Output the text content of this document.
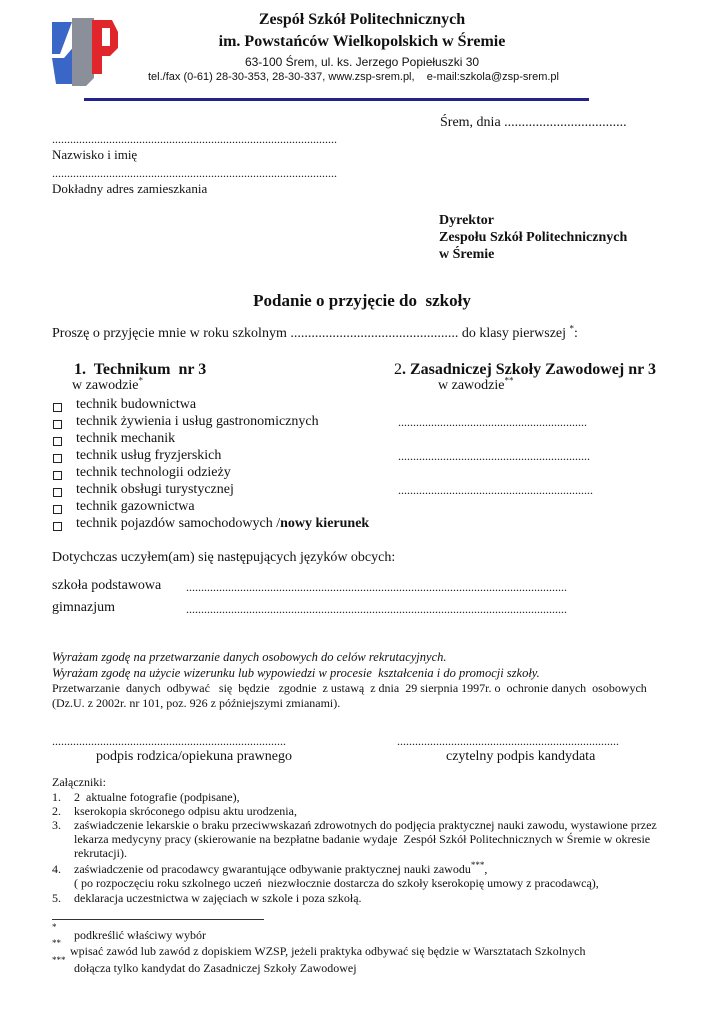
Zespół Szkół Politechnicznych
im. Powstańców Wielkopolskich w Śremie
63-100 Śrem, ul. ks. Jerzego Popiełuszki 30
tel./fax (0-61) 28-30-353, 28-30-337, www.zsp-srem.pl,    e-mail:szkola@zsp-srem.pl
Śrem, dnia ...................................
...............................................................................................
Nazwisko i imię
...............................................................................................
Dokładny adres zamieszkania
Dyrektor
Zespołu Szkół Politechnicznych
w Śremie
Podanie o przyjęcie do  szkoły
Proszę o przyjęcie mnie w roku szkolnym ................................................ do klasy pierwszej *:
1.  Technikum  nr 3
w zawodzie*
2. Zasadniczej Szkoły Zawodowej nr 3
w zawodzie**
technik budownictwa
technik żywienia i usług gastronomicznych
technik mechanik
technik usług fryzjerskich
technik technologii odzieży
technik obsługi turystycznej
technik gazownictwa
technik pojazdów samochodowych /nowy kierunek
...............................................................
................................................................
.................................................................
Dotychczas uczyłem(am) się następujących języków obcych:
szkoła podstawowa ...............................................................................................................................
gimnazjum	...............................................................................................................................
Wyrażam zgodę na przetwarzanie danych osobowych do celów rekrutacyjnych.
Wyrażam zgodę na użycie wizerunku lub wypowiedzi w procesie  kształcenia i do promocji szkoły.
Przetwarzanie  danych  odbywać   się  będzie   zgodnie  z ustawą  z dnia  29 sierpnia 1997r. o  ochronie danych  osobowych
(Dz.U. z 2002r. nr 101, poz. 926 z późniejszymi zmianami).
..............................................................................
podpis rodzica/opiekuna prawnego
..........................................................................
czytelny podpis kandydata
Załączniki:
1. 2  aktualne fotografie (podpisane),
2. kserokopia skróconego odpisu aktu urodzenia,
3. zaświadczenie lekarskie o braku przeciwwskazań zdrowotnych do podjęcia praktycznej nauki zawodu, wystawione przez
lekarza medycyny pracy (skierowanie na bezpłatne badanie wydaje  Zespół Szkół Politechnicznych w Śremie w okresie
rekrutacji).
4. zaświadczenie od pracodawcy gwarantujące odbywanie praktycznej nauki zawodu***,
( po rozpoczęciu roku szkolnego uczeń  niezwłocznie dostarcza do szkoły kserokopię umowy z pracodawcą),
5. deklaracja uczestnictwa w zajęciach w szkole i poza szkołą.
*
podkreślić właściwy wybór
**
wpisać zawód lub zawód z dopiskiem WZSP, jeżeli praktyka odbywać się będzie w Warsztatach Szkolnych
***
dołącza tylko kandydat do Zasadniczej Szkoły Zawodowej
